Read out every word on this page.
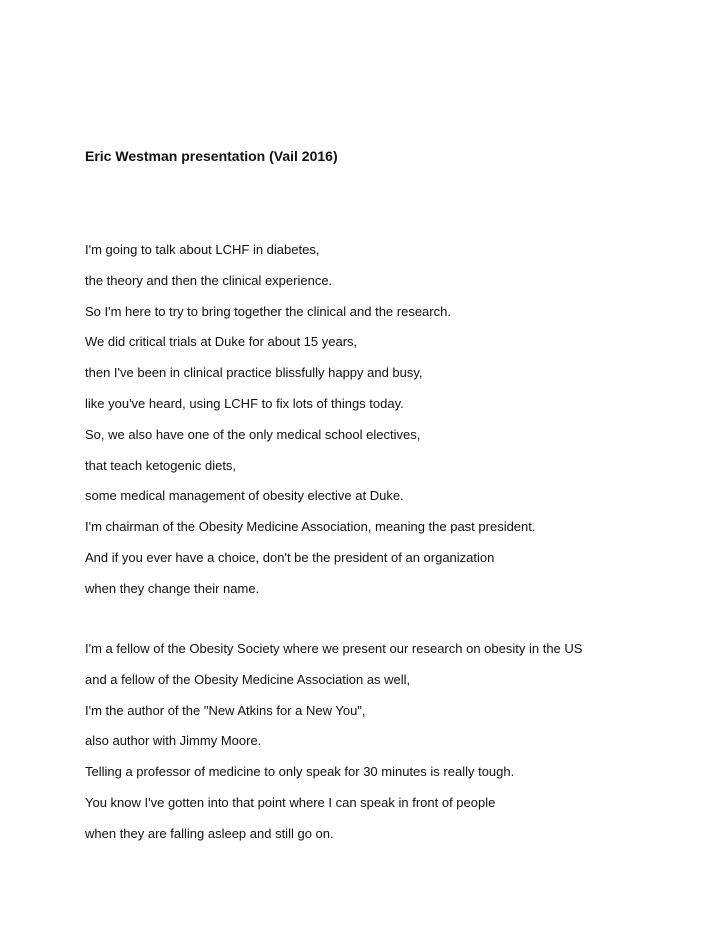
Eric Westman presentation (Vail 2016)
I'm going to talk about LCHF in diabetes,
the theory and then the clinical experience.
So I'm here to try to bring together the clinical and the research.
We did critical trials at Duke for about 15 years,
then I've been in clinical practice blissfully happy and busy,
like you've heard, using LCHF to fix lots of things today.
So, we also have one of the only medical school electives,
that teach ketogenic diets,
some medical management of obesity elective at Duke.
I'm chairman of the Obesity Medicine Association, meaning the past president.
And if you ever have a choice, don't be the president of an organization
when they change their name.
I'm a fellow of the Obesity Society where we present our research on obesity in the US
and a fellow of the Obesity Medicine Association as well,
I'm the author of the "New Atkins for a New You",
also author with Jimmy Moore.
Telling a professor of medicine to only speak for 30 minutes is really tough.
You know I've gotten into that point where I can speak in front of people
when they are falling asleep and still go on.
